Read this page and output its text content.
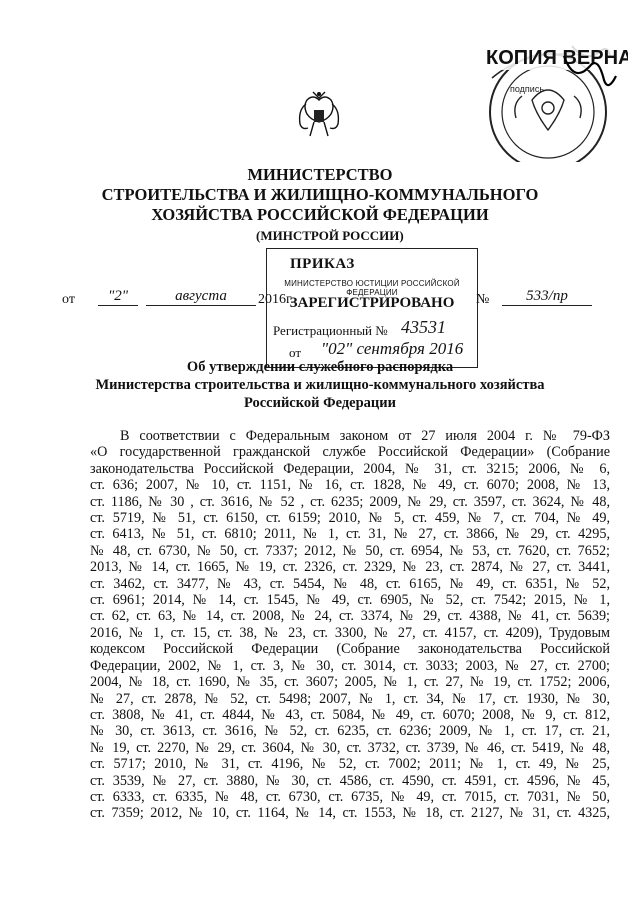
КОПИЯ ВЕРНА
подпись
МИНИСТЕРСТВО
СТРОИТЕЛЬСТВА И ЖИЛИЩНО-КОММУНАЛЬНОГО
ХОЗЯЙСТВА РОССИЙСКОЙ ФЕДЕРАЦИИ
(МИНСТРОЙ РОССИИ)
МИНИСТЕРСТВО ЮСТИЦИИ РОССИЙСКОЙ ФЕДЕРАЦИИ
ЗАРЕГИСТРИРОВАНО
Регистрационный № 43531
от "02" сентября 2016
ПРИКАЗ
от	"2"	августа	2016г.	№	533/пр
Об утверждении служебного распорядка
Министерства строительства и жилищно-коммунального хозяйства
Российской Федерации
В соответствии с Федеральным законом от 27 июля 2004 г. № 79-ФЗ
«О государственной гражданской службе Российской Федерации» (Собрание
законодательства Российской Федерации, 2004, № 31, ст. 3215; 2006, № 6,
ст. 636; 2007, № 10, ст. 1151, № 16, ст. 1828, № 49, ст. 6070; 2008, № 13,
ст. 1186, № 30 , ст. 3616, № 52 , ст. 6235; 2009, № 29, ст. 3597, ст. 3624, № 48,
ст. 5719, № 51, ст. 6150, ст. 6159; 2010, № 5, ст. 459, № 7, ст. 704, № 49,
ст. 6413, № 51, ст. 6810; 2011, № 1, ст. 31, № 27, ст. 3866, № 29, ст. 4295,
№ 48, ст. 6730, № 50, ст. 7337; 2012, № 50, ст. 6954, № 53, ст. 7620, ст. 7652;
2013, № 14, ст. 1665, № 19, ст. 2326, ст. 2329, № 23, ст. 2874, № 27, ст. 3441,
ст. 3462, ст. 3477, № 43, ст. 5454, № 48, ст. 6165, № 49, ст. 6351, № 52,
ст. 6961; 2014, № 14, ст. 1545, № 49, ст. 6905, № 52, ст. 7542; 2015, № 1,
ст. 62, ст. 63, № 14, ст. 2008, № 24, ст. 3374, № 29, ст. 4388, № 41, ст. 5639;
2016, № 1, ст. 15, ст. 38, № 23, ст. 3300, № 27, ст. 4157, ст. 4209), Трудовым
кодексом Российской Федерации (Собрание законодательства Российской
Федерации, 2002, № 1, ст. 3, № 30, ст. 3014, ст. 3033; 2003, № 27, ст. 2700;
2004, № 18, ст. 1690, № 35, ст. 3607; 2005, № 1, ст. 27, № 19, ст. 1752; 2006,
№ 27, ст. 2878, № 52, ст. 5498; 2007, № 1, ст. 34, № 17, ст. 1930, № 30,
ст. 3808, № 41, ст. 4844, № 43, ст. 5084, № 49, ст. 6070; 2008, № 9, ст. 812,
№ 30, ст. 3613, ст. 3616, № 52, ст. 6235, ст. 6236; 2009, № 1, ст. 17, ст. 21,
№ 19, ст. 2270, № 29, ст. 3604, № 30, ст. 3732, ст. 3739, № 46, ст. 5419, № 48,
ст. 5717; 2010, № 31, ст. 4196, № 52, ст. 7002; 2011; № 1, ст. 49, № 25,
ст. 3539, № 27, ст. 3880, № 30, ст. 4586, ст. 4590, ст. 4591, ст. 4596, № 45,
ст. 6333, ст. 6335, № 48, ст. 6730, ст. 6735, № 49, ст. 7015, ст. 7031, № 50,
ст. 7359; 2012, № 10, ст. 1164, № 14, ст. 1553, № 18, ст. 2127, № 31, ст. 4325,
